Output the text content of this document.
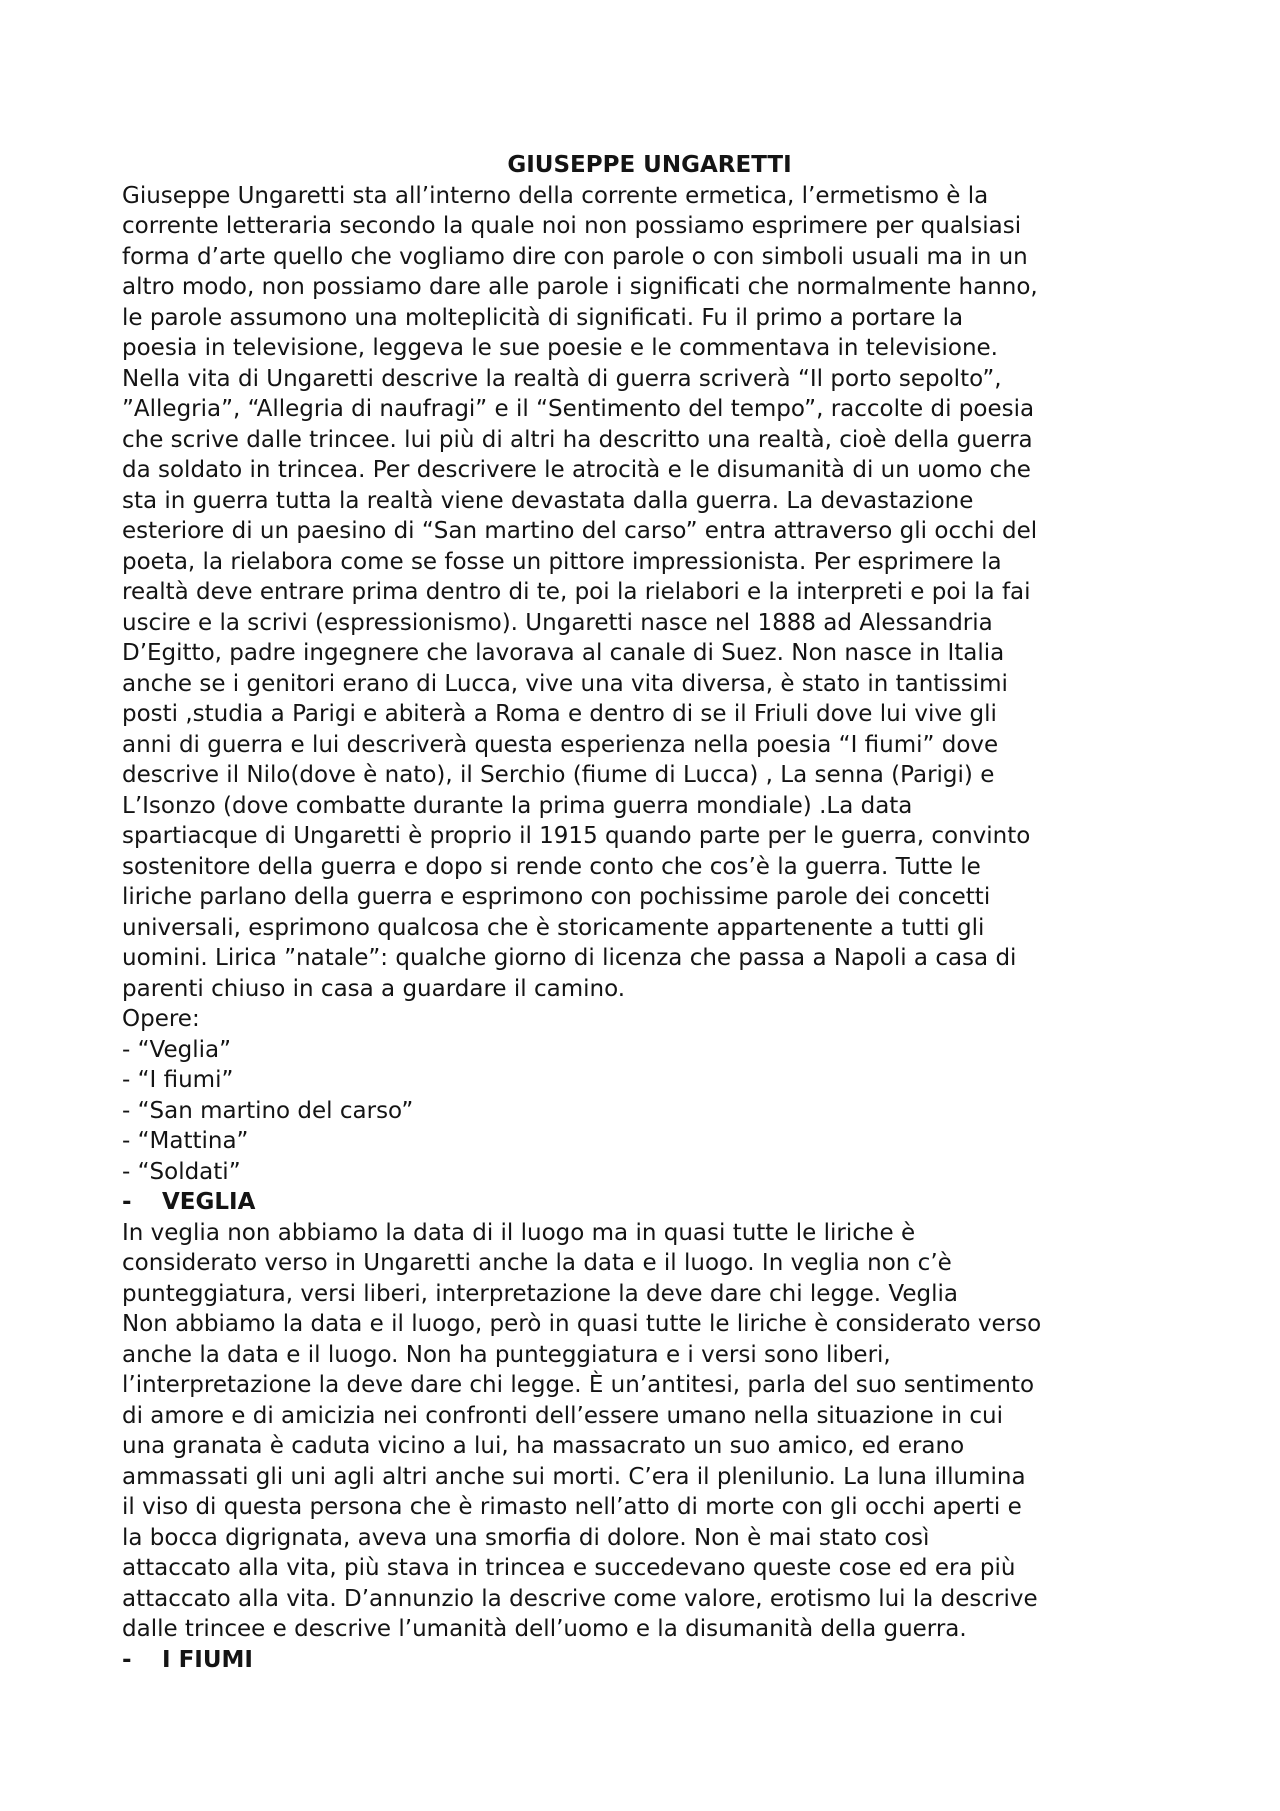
GIUSEPPE UNGARETTI

Giuseppe Ungaretti sta all’interno della corrente ermetica, l’ermetismo è la
corrente letteraria secondo la quale noi non possiamo esprimere per qualsiasi
forma d’arte quello che vogliamo dire con parole o con simboli usuali ma in un
altro modo, non possiamo dare alle parole i significati che normalmente hanno,
le parole assumono una molteplicità di significati. Fu il primo a portare la
poesia in televisione, leggeva le sue poesie e le commentava in televisione.
Nella vita di Ungaretti descrive la realtà di guerra scriverà “Il porto sepolto”,
”Allegria”, “Allegria di naufragi” e il “Sentimento del tempo”, raccolte di poesia
che scrive dalle trincee. lui più di altri ha descritto una realtà, cioè della guerra
da soldato in trincea. Per descrivere le atrocità e le disumanità di un uomo che
sta in guerra tutta la realtà viene devastata dalla guerra. La devastazione
esteriore di un paesino di “San martino del carso” entra attraverso gli occhi del
poeta, la rielabora come se fosse un pittore impressionista. Per esprimere la
realtà deve entrare prima dentro di te, poi la rielabori e la interpreti e poi la fai
uscire e la scrivi (espressionismo). Ungaretti nasce nel 1888 ad Alessandria
D’Egitto, padre ingegnere che lavorava al canale di Suez. Non nasce in Italia
anche se i genitori erano di Lucca, vive una vita diversa, è stato in tantissimi
posti ,studia a Parigi e abiterà a Roma e dentro di se il Friuli dove lui vive gli
anni di guerra e lui descriverà questa esperienza nella poesia “I fiumi” dove
descrive il Nilo(dove è nato), il Serchio (fiume di Lucca) , La senna (Parigi) e
L’Isonzo (dove combatte durante la prima guerra mondiale) .La data
spartiacque di Ungaretti è proprio il 1915 quando parte per le guerra, convinto
sostenitore della guerra e dopo si rende conto che cos’è la guerra. Tutte le
liriche parlano della guerra e esprimono con pochissime parole dei concetti
universali, esprimono qualcosa che è storicamente appartenente a tutti gli
uomini. Lirica ”natale”: qualche giorno di licenza che passa a Napoli a casa di
parenti chiuso in casa a guardare il camino.

Opere:

- “Veglia”
- “I fiumi”
- “San martino del carso”
- “Mattina”
- “Soldati”

- VEGLIA

In veglia non abbiamo la data di il luogo ma in quasi tutte le liriche è
considerato verso in Ungaretti anche la data e il luogo. In veglia non c’è
punteggiatura, versi liberi, interpretazione la deve dare chi legge. Veglia
Non abbiamo la data e il luogo, però in quasi tutte le liriche è considerato verso
anche la data e il luogo. Non ha punteggiatura e i versi sono liberi,
l’interpretazione la deve dare chi legge. È un’antitesi, parla del suo sentimento
di amore e di amicizia nei confronti dell’essere umano nella situazione in cui
una granata è caduta vicino a lui, ha massacrato un suo amico, ed erano
ammassati gli uni agli altri anche sui morti. C’era il plenilunio. La luna illumina
il viso di questa persona che è rimasto nell’atto di morte con gli occhi aperti e
la bocca digrignata, aveva una smorfia di dolore. Non è mai stato così
attaccato alla vita, più stava in trincea e succedevano queste cose ed era più
attaccato alla vita. D’annunzio la descrive come valore, erotismo lui la descrive
dalle trincee e descrive l’umanità dell’uomo e la disumanità della guerra.

- I FIUMI
